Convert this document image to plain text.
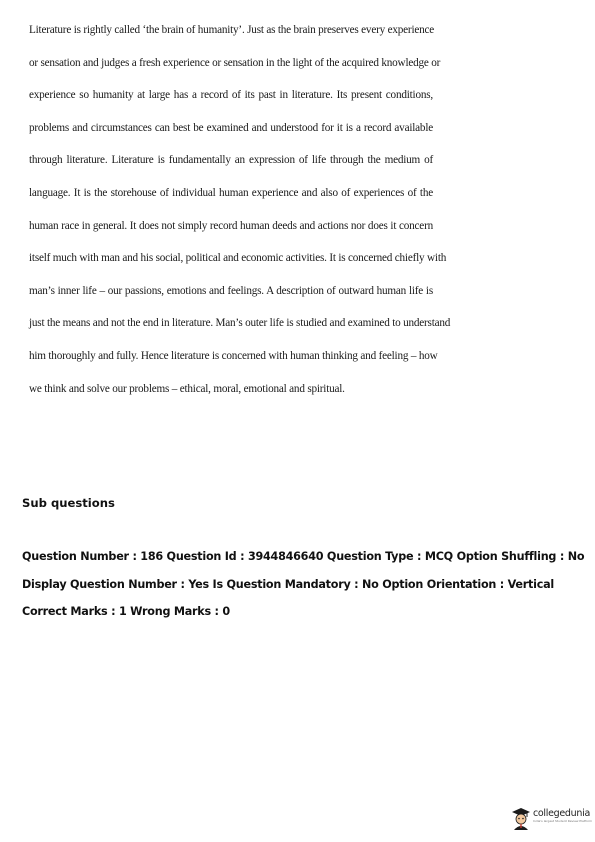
Literature is rightly called ‘the brain of humanity’. Just as the brain preserves every experience
or sensation and judges a fresh experience or sensation in the light of the acquired knowledge or
experience so humanity at large has a record of its past in literature. Its present conditions,
problems and circumstances can best be examined and understood for it is a record available
through literature. Literature is fundamentally an expression of life through the medium of
language. It is the storehouse of individual human experience and also of experiences of the
human race in general. It does not simply record human deeds and actions nor does it concern
itself much with man and his social, political and economic activities. It is concerned chiefly with
man’s inner life – our passions, emotions and feelings. A description of outward human life is
just the means and not the end in literature. Man’s outer life is studied and examined to understand
him thoroughly and fully. Hence literature is concerned with human thinking and feeling – how
we think and solve our problems – ethical, moral, emotional and spiritual.
Sub questions
Question Number : 186 Question Id : 3944846640 Question Type : MCQ Option Shuffling : No
Display Question Number : Yes Is Question Mandatory : No Option Orientation : Vertical
Correct Marks : 1 Wrong Marks : 0
collegedunia
India's largest Student Review Platform
